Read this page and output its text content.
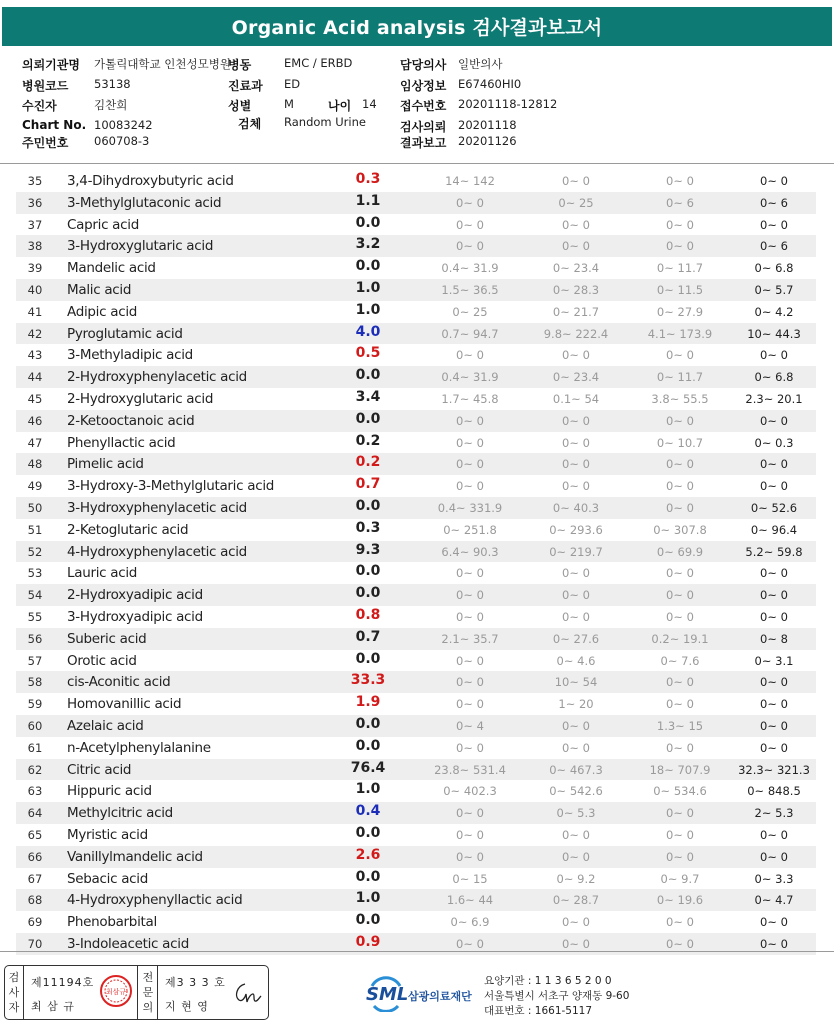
Organic Acid analysis 검사결과보고서
의뢰기관명 가톨릭대학교 인천성모병원
병동	EMC / ERBD	담당의사 일반의사
병원코드 53138	진료과 ED	임상정보 E67460HI0
수진자	김찬희	성별	M	나이 14 접수번호 20201118-12812
Chart No. 10083242	검체 Random Urine	검사의뢰 20201118
주민번호 060708-3	결과보고 20201126
35	3,4-Dihydroxybutyric acid	0.3	14~ 142	0~ 0	0~ 0	0~ 0
36	3-Methylglutaconic acid	1.1	0~ 0	0~ 25	0~ 6	0~ 6
37	Capric acid	0.0	0~ 0	0~ 0	0~ 0	0~ 0
38	3-Hydroxyglutaric acid	3.2	0~ 0	0~ 0	0~ 0	0~ 6
39	Mandelic acid	0.0	0.4~ 31.9	0~ 23.4	0~ 11.7	0~ 6.8
40	Malic acid	1.0	1.5~ 36.5	0~ 28.3	0~ 11.5	0~ 5.7
41	Adipic acid	1.0	0~ 25	0~ 21.7	0~ 27.9	0~ 4.2
42	Pyroglutamic acid	4.0	0.7~ 94.7	9.8~ 222.4	4.1~ 173.9	10~ 44.3
43	3-Methyladipic acid	0.5	0~ 0	0~ 0	0~ 0	0~ 0
44	2-Hydroxyphenylacetic acid	0.0	0.4~ 31.9	0~ 23.4	0~ 11.7	0~ 6.8
45	2-Hydroxyglutaric acid	3.4	1.7~ 45.8	0.1~ 54	3.8~ 55.5	2.3~ 20.1
46	2-Ketooctanoic acid	0.0	0~ 0	0~ 0	0~ 0	0~ 0
47	Phenyllactic acid	0.2	0~ 0	0~ 0	0~ 10.7	0~ 0.3
48	Pimelic acid	0.2	0~ 0	0~ 0	0~ 0	0~ 0
49	3-Hydroxy-3-Methylglutaric acid	0.7	0~ 0	0~ 0	0~ 0	0~ 0
50	3-Hydroxyphenylacetic acid	0.0	0.4~ 331.9	0~ 40.3	0~ 0	0~ 52.6
51	2-Ketoglutaric acid	0.3	0~ 251.8	0~ 293.6	0~ 307.8	0~ 96.4
52	4-Hydroxyphenylacetic acid	9.3	6.4~ 90.3	0~ 219.7	0~ 69.9	5.2~ 59.8
53	Lauric acid	0.0	0~ 0	0~ 0	0~ 0	0~ 0
54	2-Hydroxyadipic acid	0.0	0~ 0	0~ 0	0~ 0	0~ 0
55	3-Hydroxyadipic acid	0.8	0~ 0	0~ 0	0~ 0	0~ 0
56	Suberic acid	0.7	2.1~ 35.7	0~ 27.6	0.2~ 19.1	0~ 8
57	Orotic acid	0.0	0~ 0	0~ 4.6	0~ 7.6	0~ 3.1
58	cis-Aconitic acid	33.3	0~ 0	10~ 54	0~ 0	0~ 0
59	Homovanillic acid	1.9	0~ 0	1~ 20	0~ 0	0~ 0
60	Azelaic acid	0.0	0~ 4	0~ 0	1.3~ 15	0~ 0
61	n-Acetylphenylalanine	0.0	0~ 0	0~ 0	0~ 0	0~ 0
62	Citric acid	76.4	23.8~ 531.4	0~ 467.3	18~ 707.9	32.3~ 321.3
63	Hippuric acid	1.0	0~ 402.3	0~ 542.6	0~ 534.6	0~ 848.5
64	Methylcitric acid	0.4	0~ 0	0~ 5.3	0~ 0	2~ 5.3
65	Myristic acid	0.0	0~ 0	0~ 0	0~ 0	0~ 0
66	Vanillylmandelic acid	2.6	0~ 0	0~ 0	0~ 0	0~ 0
67	Sebacic acid	0.0	0~ 15	0~ 9.2	0~ 9.7	0~ 3.3
68	4-Hydroxyphenyllactic acid	1.0	1.6~ 44	0~ 28.7	0~ 19.6	0~ 4.7
69	Phenobarbital	0.0	0~ 6.9	0~ 0	0~ 0	0~ 0
70	3-Indoleacetic acid	0.9	0~ 0	0~ 0	0~ 0	0~ 0
검사자
제11194호
최 삼 규
최삼규
전문의
제3 3 3 호
지 현 영
SML 삼광의료재단
요양기관 : 1 1 3 6 5 2 0 0
서울특별시 서초구 양재동 9-60
대표번호 : 1661-5117
